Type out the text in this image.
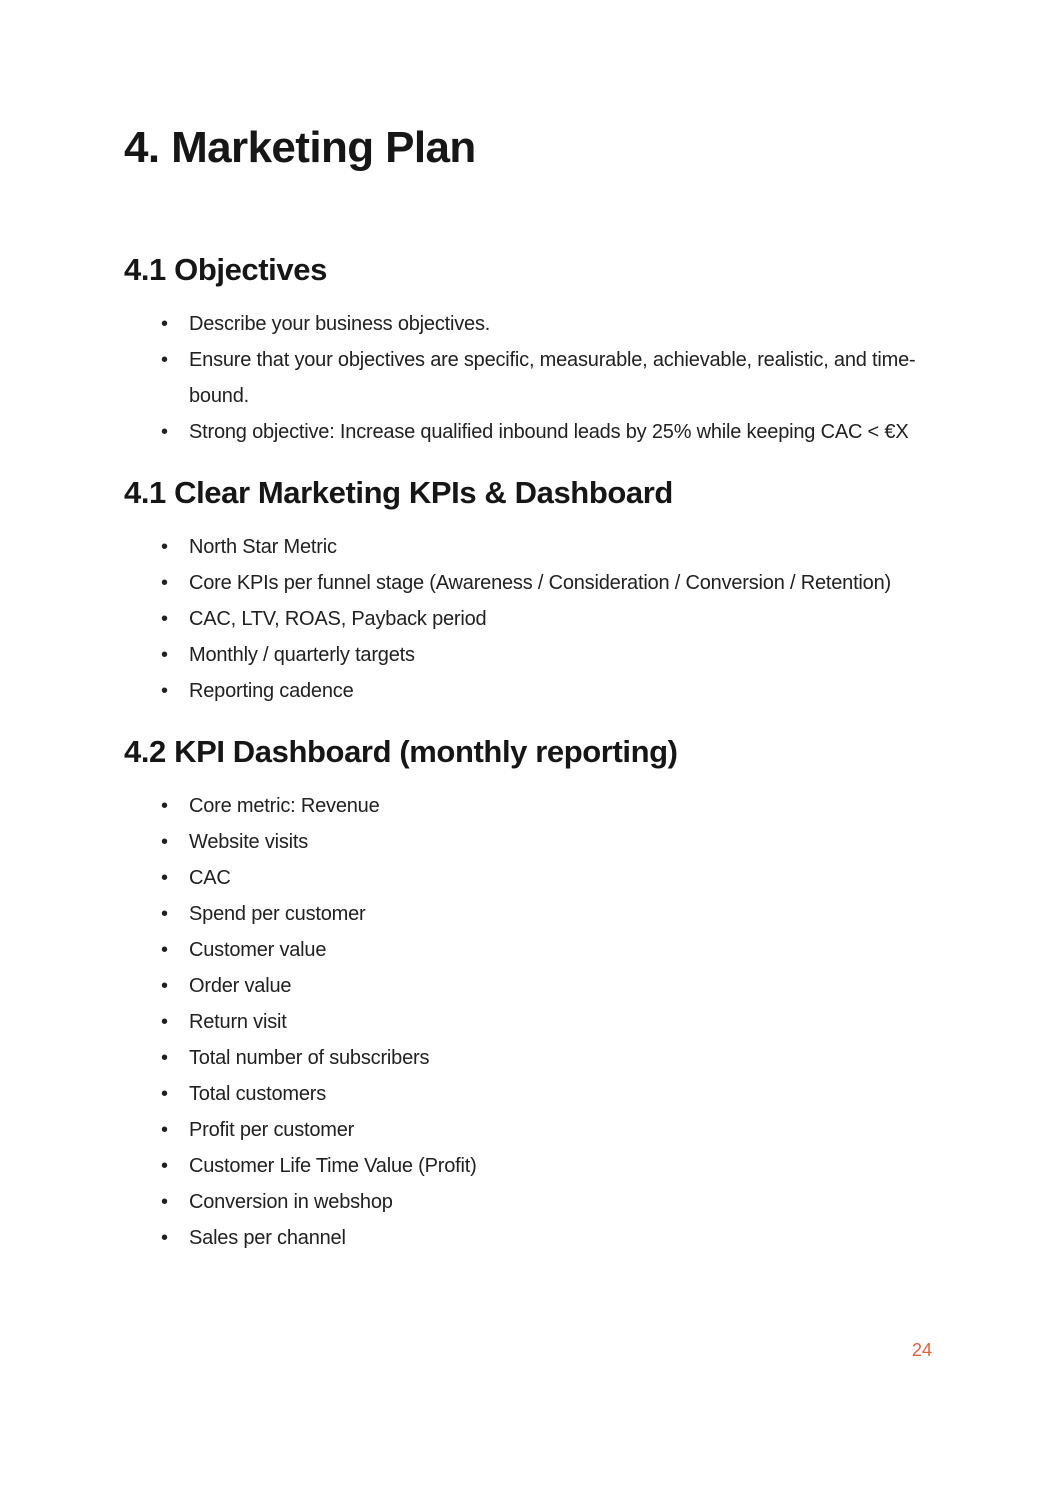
4. Marketing Plan
4.1 Objectives
• Describe your business objectives.
• Ensure that your objectives are specific, measurable, achievable, realistic, and time-bound.
• Strong objective: Increase qualified inbound leads by 25% while keeping CAC < €X
4.1 Clear Marketing KPIs & Dashboard
• North Star Metric
• Core KPIs per funnel stage (Awareness / Consideration / Conversion / Retention)
• CAC, LTV, ROAS, Payback period
• Monthly / quarterly targets
• Reporting cadence
4.2 KPI Dashboard (monthly reporting)
• Core metric: Revenue
• Website visits
• CAC
• Spend per customer
• Customer value
• Order value
• Return visit
• Total number of subscribers
• Total customers
• Profit per customer
• Customer Life Time Value (Profit)
• Conversion in webshop
• Sales per channel
24
